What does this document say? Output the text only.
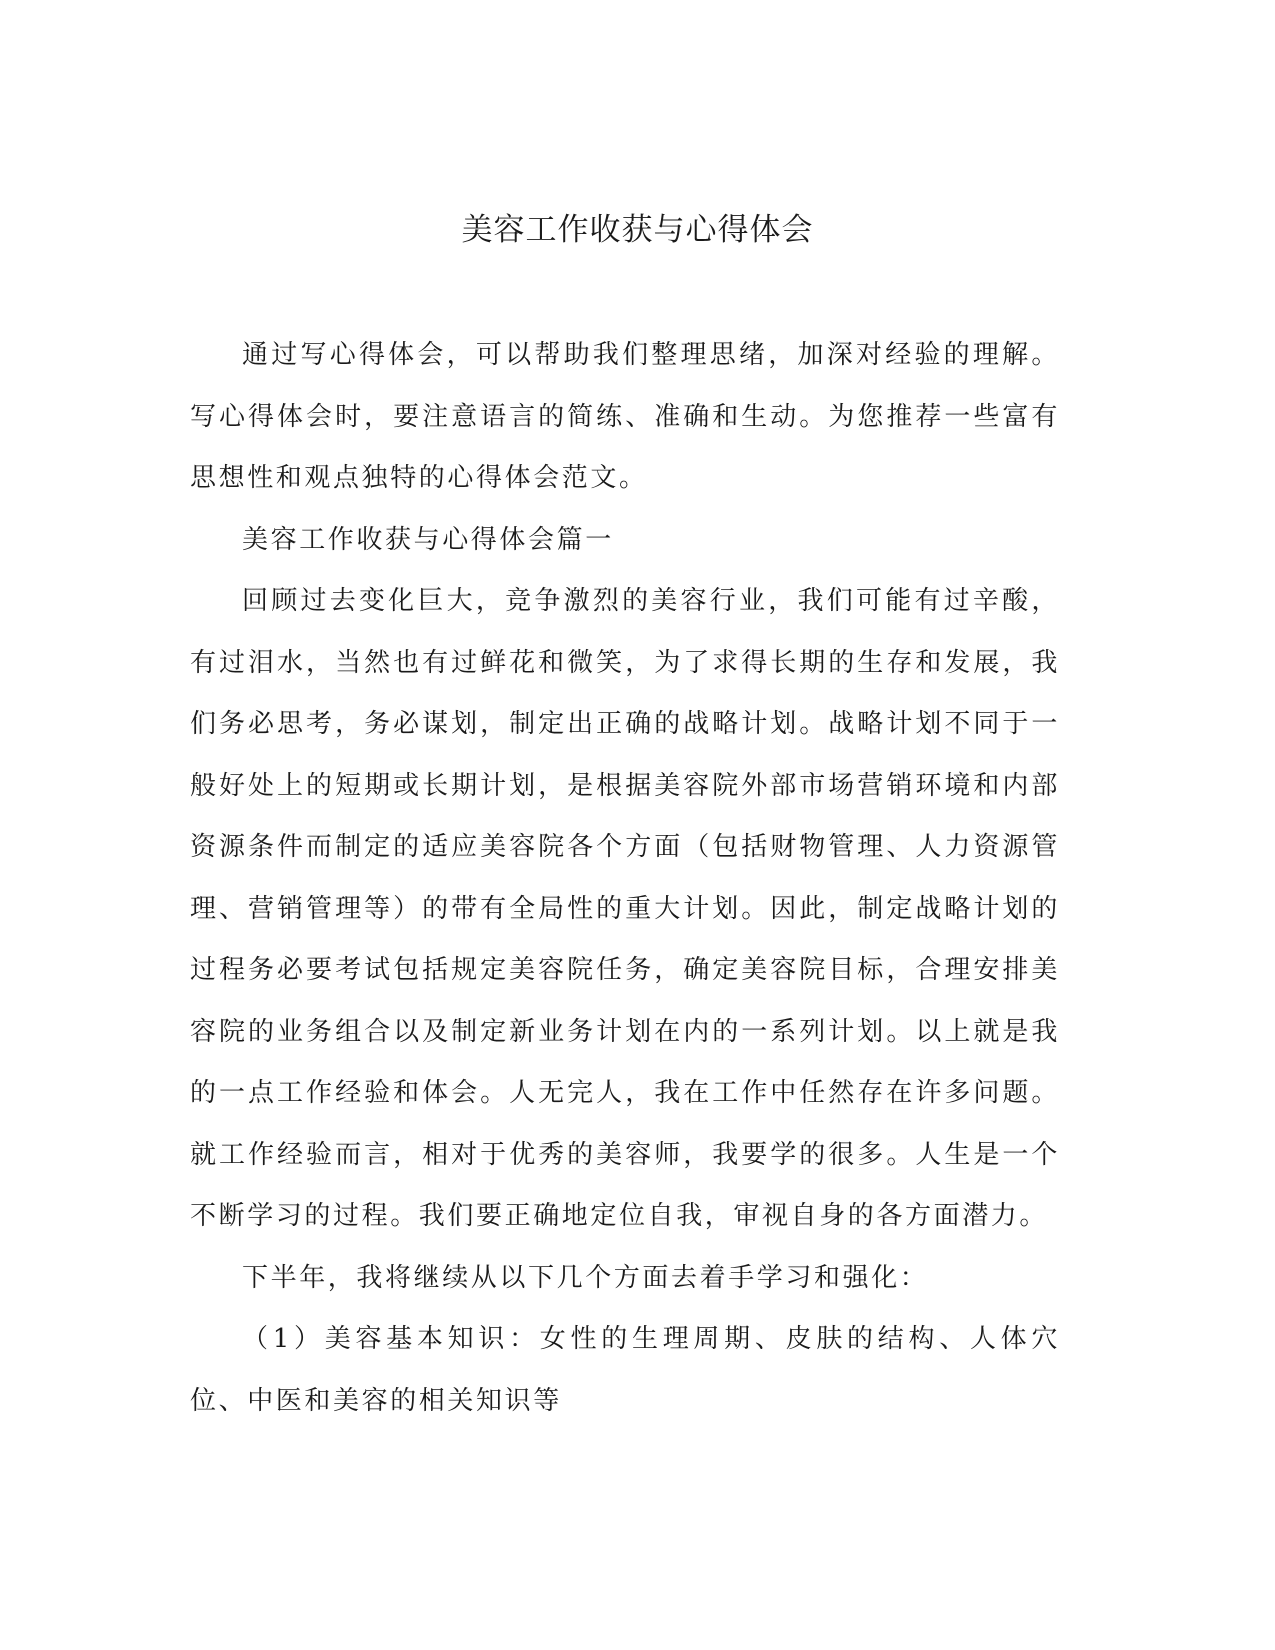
美容工作收获与心得体会

通过写心得体会，可以帮助我们整理思绪，加深对经验的理解。写心得体会时，要注意语言的简练、准确和生动。为您推荐一些富有思想性和观点独特的心得体会范文。

美容工作收获与心得体会篇一

回顾过去变化巨大，竞争激烈的美容行业，我们可能有过辛酸，有过泪水，当然也有过鲜花和微笑，为了求得长期的生存和发展，我们务必思考，务必谋划，制定出正确的战略计划。战略计划不同于一般好处上的短期或长期计划，是根据美容院外部市场营销环境和内部资源条件而制定的适应美容院各个方面（包括财物管理、人力资源管理、营销管理等）的带有全局性的重大计划。因此，制定战略计划的过程务必要考试包括规定美容院任务，确定美容院目标，合理安排美容院的业务组合以及制定新业务计划在内的一系列计划。以上就是我的一点工作经验和体会。人无完人，我在工作中任然存在许多问题。就工作经验而言，相对于优秀的美容师，我要学的很多。人生是一个不断学习的过程。我们要正确地定位自我，审视自身的各方面潜力。

下半年，我将继续从以下几个方面去着手学习和强化：

（1）美容基本知识：女性的生理周期、皮肤的结构、人体穴位、中医和美容的相关知识等
